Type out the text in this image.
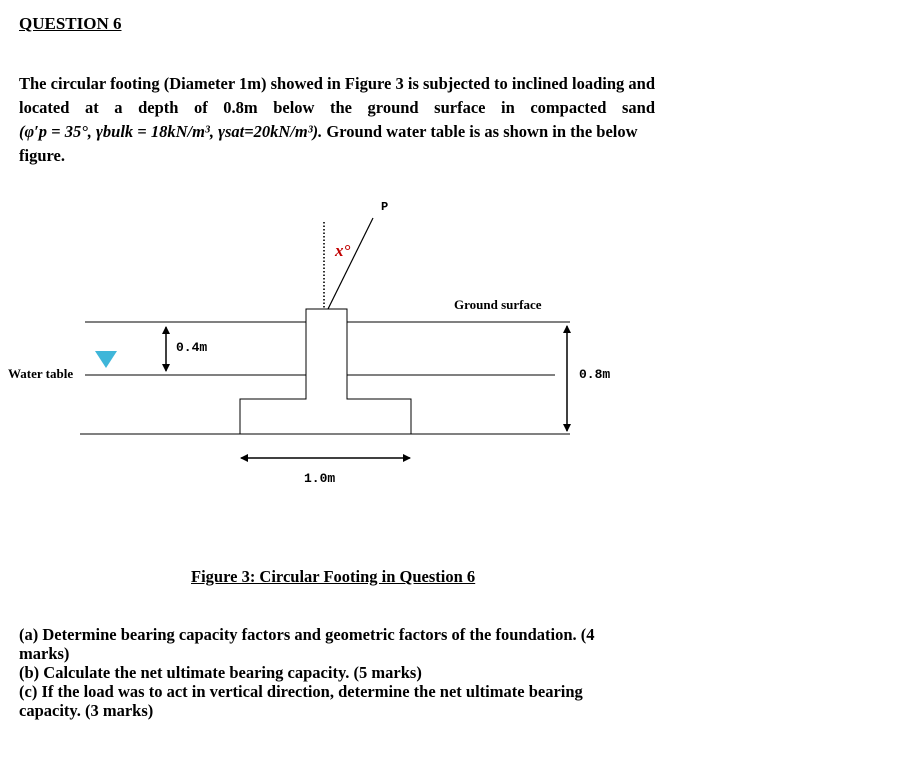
QUESTION 6
The circular footing (Diameter 1m) showed in Figure 3 is subjected to inclined loading and
located at a depth of 0.8m below the ground surface in compacted sand
(φ′p = 35°, γbulk = 18kN/m³, γsat=20kN/m³). Ground water table is as shown in the below
figure.
P
x°
Ground surface
Water table
0.4m
0.8m
1.0m
Figure 3: Circular Footing in Question 6
(a) Determine bearing capacity factors and geometric factors of the foundation. (4 marks)
(b) Calculate the net ultimate bearing capacity. (5 marks)
(c) If the load was to act in vertical direction, determine the net ultimate bearing capacity. (3 marks)
